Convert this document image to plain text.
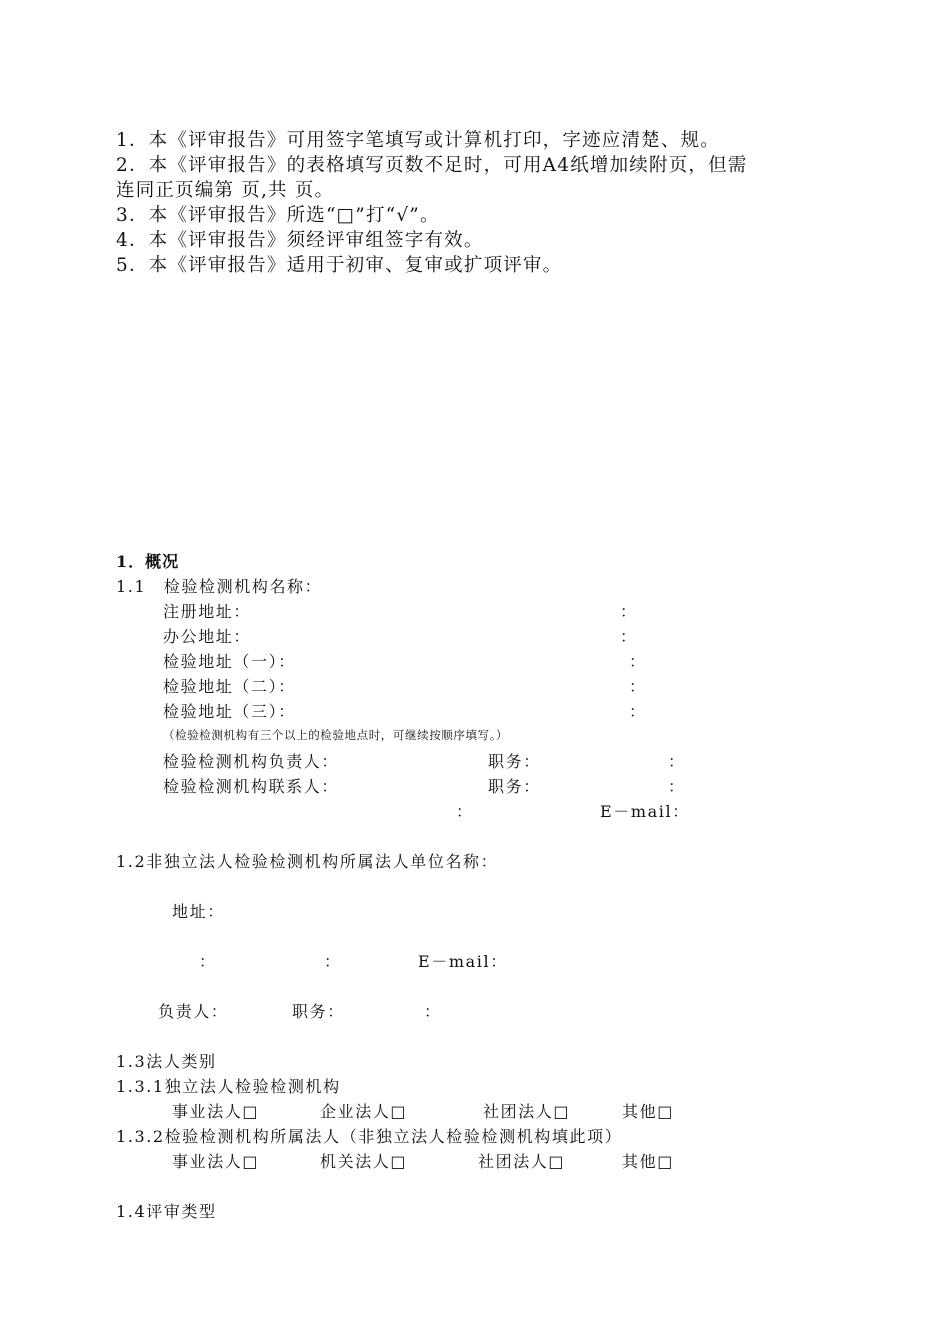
1．本《评审报告》可用签字笔填写或计算机打印，字迹应清楚、规。
2．本《评审报告》的表格填写页数不足时，可用A4纸增加续附页，但需
连同正页编第 页,共 页。
3．本《评审报告》所选“□”打“√”。
4．本《评审报告》须经评审组签字有效。
5．本《评审报告》适用于初审、复审或扩项评审。
1．概况
1.1　检验检测机构名称：
注册地址：	：
办公地址：	：
检验地址（一）：	：
检验地址（二）：	：
检验地址（三）：	：
（检验检测机构有三个以上的检验地点时，可继续按顺序填写。）
检验检测机构负责人：	职务：	：
检验检测机构联系人：	职务：	：
：	E－mail：
1.2非独立法人检验检测机构所属法人单位名称：
地址：
：	：	E－mail：
负责人：	职务：	：
1.3法人类别
1.3.1独立法人检验检测机构
事业法人□	企业法人□	社团法人□	其他□
1.3.2检验检测机构所属法人（非独立法人检验检测机构填此项）
事业法人□	机关法人□	社团法人□	其他□
1.4评审类型
